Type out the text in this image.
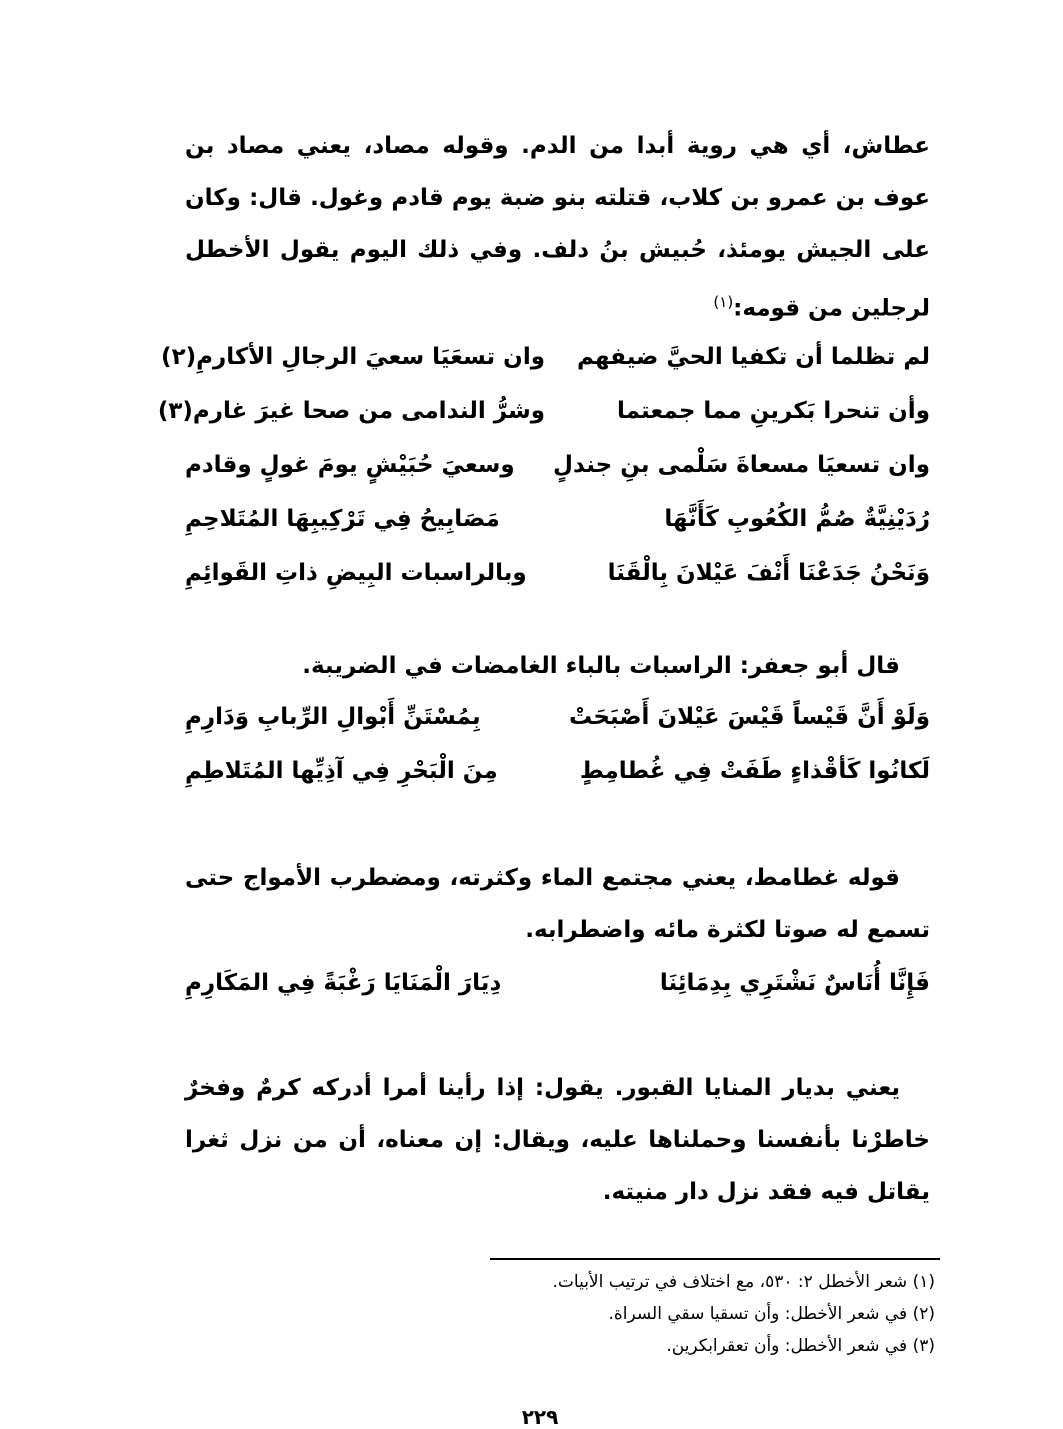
عطاش، أي هي روية أبدا من الدم. وقوله مصاد، يعني مصاد بن عوف بن عمرو بن كلاب، قتلته بنو ضبة يوم قادم وغول. قال: وكان على الجيش يومئذ، حُبيش بنُ دلف. وفي ذلك اليوم يقول الأخطل لرجلين من قومه:$^{(١)}$
لم تظلما أن تكفيا الحيَّ ضيفهم
وان تسعَيَا سعيَ الرجالِ الأكارمِ(٢)
وأن تنحرا بَكرينِ مما جمعتما
وشرُّ الندامى من صحا غيرَ غارم(٣)
وان تسعيَا مسعاةَ سَلْمى بنِ جندلٍ
وسعيَ حُبَيْشٍ يومَ غولٍ وقادم
رُدَيْنِيَّةٌ صُمُّ الكُعُوبِ كَأَنَّهَا
مَصَابِيحُ فِي تَرْكِيبِهَا المُتَلاحِمِ
وَنَحْنُ جَدَعْنَا أَنْفَ عَيْلانَ بِالْقَنَا
وبالراسبات البِيضِ ذاتِ القَوائِمِ
قال أبو جعفر: الراسبات بالباء الغامضات في الضريبة.
وَلَوْ أَنَّ قَيْساً قَيْسَ عَيْلانَ أَصْبَحَتْ
بِمُسْتَنِّ أَبْوالِ الرِّبابِ وَدَارِمِ
لَكانُوا كَأقْذاءٍ طَفَتْ فِي غُطامِطٍ
مِنَ الْبَحْرِ فِي آذِيِّها المُتَلاطِمِ
قوله غطامط، يعني مجتمع الماء وكثرته، ومضطرب الأمواج حتى تسمع له صوتا لكثرة مائه واضطرابه.
فَإِنَّا أُنَاسٌ نَشْتَرِي بِدِمَائِنَا
دِيَارَ الْمَنَايَا رَغْبَةً فِي المَكَارِمِ
يعني بديار المنايا القبور. يقول: إذا رأينا أمرا أدركه كرمٌ وفخرٌ خاطرْنا بأنفسنا وحملناها عليه، ويقال: إن معناه، أن من نزل ثغرا يقاتل فيه فقد نزل دار منيته.
(١) شعر الأخطل ٢: ٥٣٠، مع اختلاف في ترتيب الأبيات.
(٢) في شعر الأخطل: وأن تسقيا سقي السراة.
(٣) في شعر الأخطل: وأن تعقرابكرين.
٢٢٩
